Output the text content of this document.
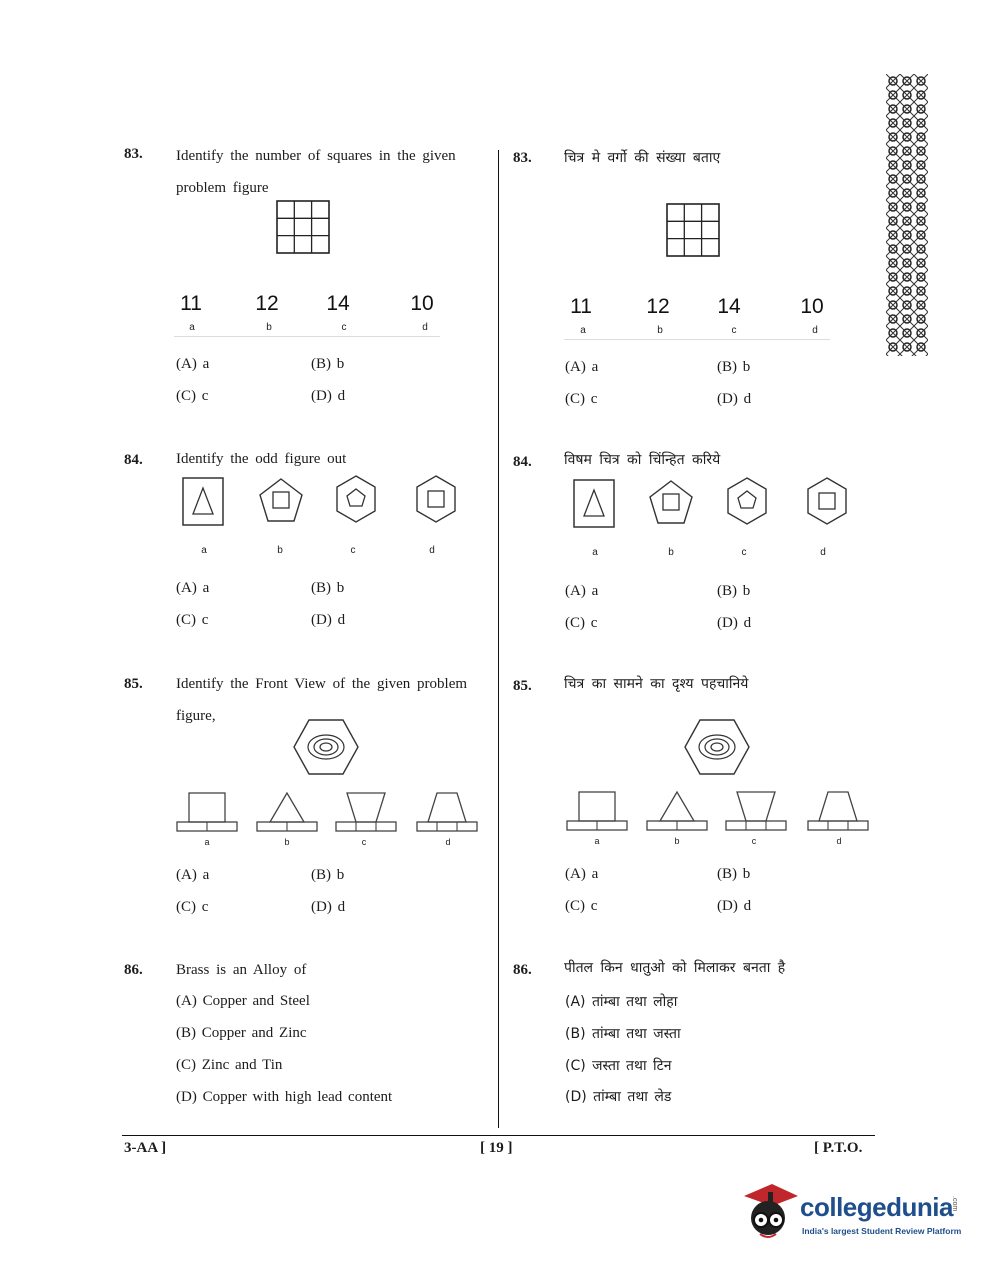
83. Identify the number of squares in the given
problem figure
11	12	14	10
a	b	c	d
(A) a	(B) b
(C) c	(D) d
84. Identify the odd figure out
a	b	c	d
(A) a	(B) b
(C) c	(D) d
85. Identify the Front View of the given problem
figure,
a	b	c	d
(A) a	(B) b
(C) c	(D) d
86. Brass is an Alloy of
(A) Copper and Steel
(B) Copper and Zinc
(C) Zinc and Tin
(D) Copper with high lead content
83. चित्र मे वर्गो की संख्या बताए
11	12	14	10
a	b	c	d
(A) a	(B) b
(C) c	(D) d
84. विषम चित्र को चिंन्हित करिये
a	b	c	d
(A) a	(B) b
(C) c	(D) d
85. चित्र का सामने का दृश्य पहचानिये
a	b	c	d
(A) a	(B) b
(C) c	(D) d
86. पीतल किन धातुओ को मिलाकर बनता है
(A) तांम्बा तथा लोहा
(B) तांम्बा तथा जस्ता
(C) जस्ता तथा टिन
(D) तांम्बा तथा लेड
3-AA ]	[ 19 ]	[ P.T.O.
collegedunia
.com
India's largest Student Review Platform
